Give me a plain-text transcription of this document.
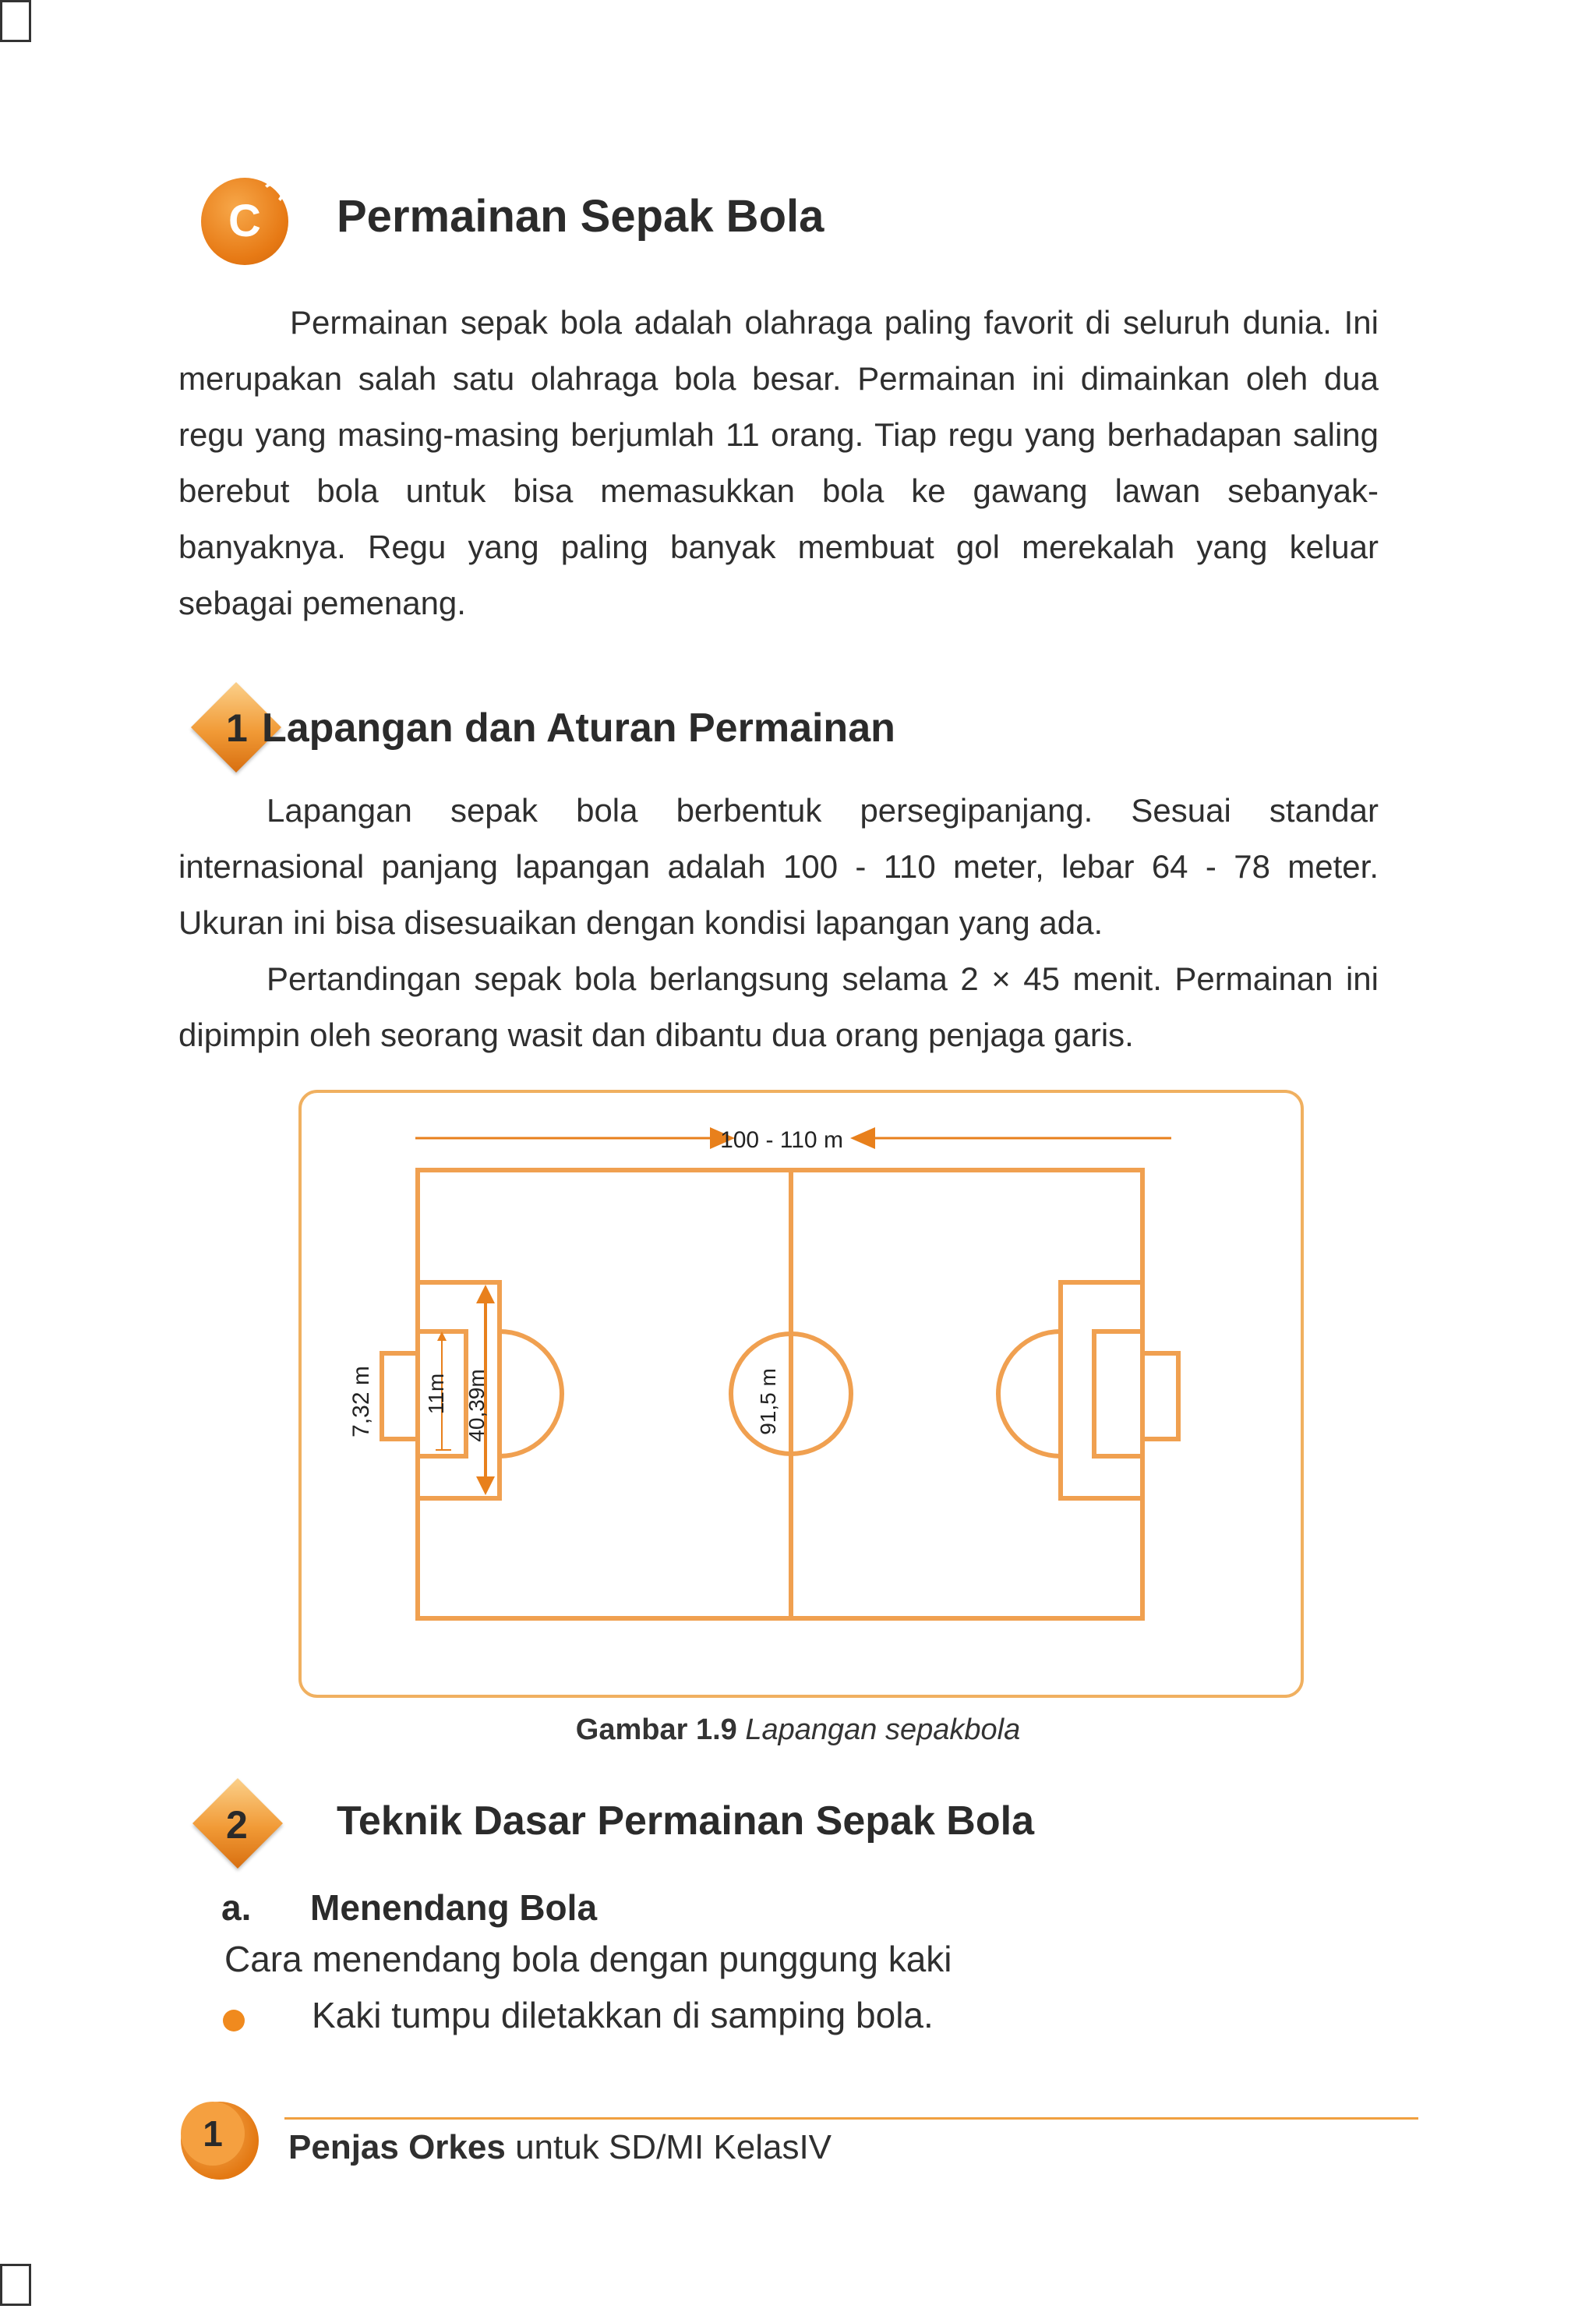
C	Permainan Sepak Bola

Permainan sepak bola adalah olahraga paling favorit di seluruh dunia. Ini merupakan salah satu olahraga bola besar. Permainan ini dimainkan oleh dua regu yang masing-masing berjumlah 11 orang. Tiap regu yang berhadapan saling berebut bola untuk bisa memasukkan bola ke gawang lawan sebanyak-banyaknya. Regu yang paling banyak membuat gol merekalah yang keluar sebagai pemenang.

1 Lapangan dan Aturan Permainan

Lapangan sepak bola berbentuk persegipanjang. Sesuai standar internasional panjang lapangan adalah 100 - 110 meter, lebar 64 - 78 meter. Ukuran ini bisa disesuaikan dengan kondisi lapangan yang ada.

Pertandingan sepak bola berlangsung selama 2 × 45 menit. Permainan ini dipimpin oleh seorang wasit dan dibantu dua orang penjaga garis.

100 - 110 m
7,32 m 11m 40,39m	91,5 m
Gambar 1.9 Lapangan sepakbola
2 Teknik Dasar Permainan Sepak Bola
a. Menendang Bola
Cara menendang bola dengan punggung kaki
Kaki tumpu diletakkan di samping bola.
1	Penjas Orkes untuk SD/MI KelasIV
